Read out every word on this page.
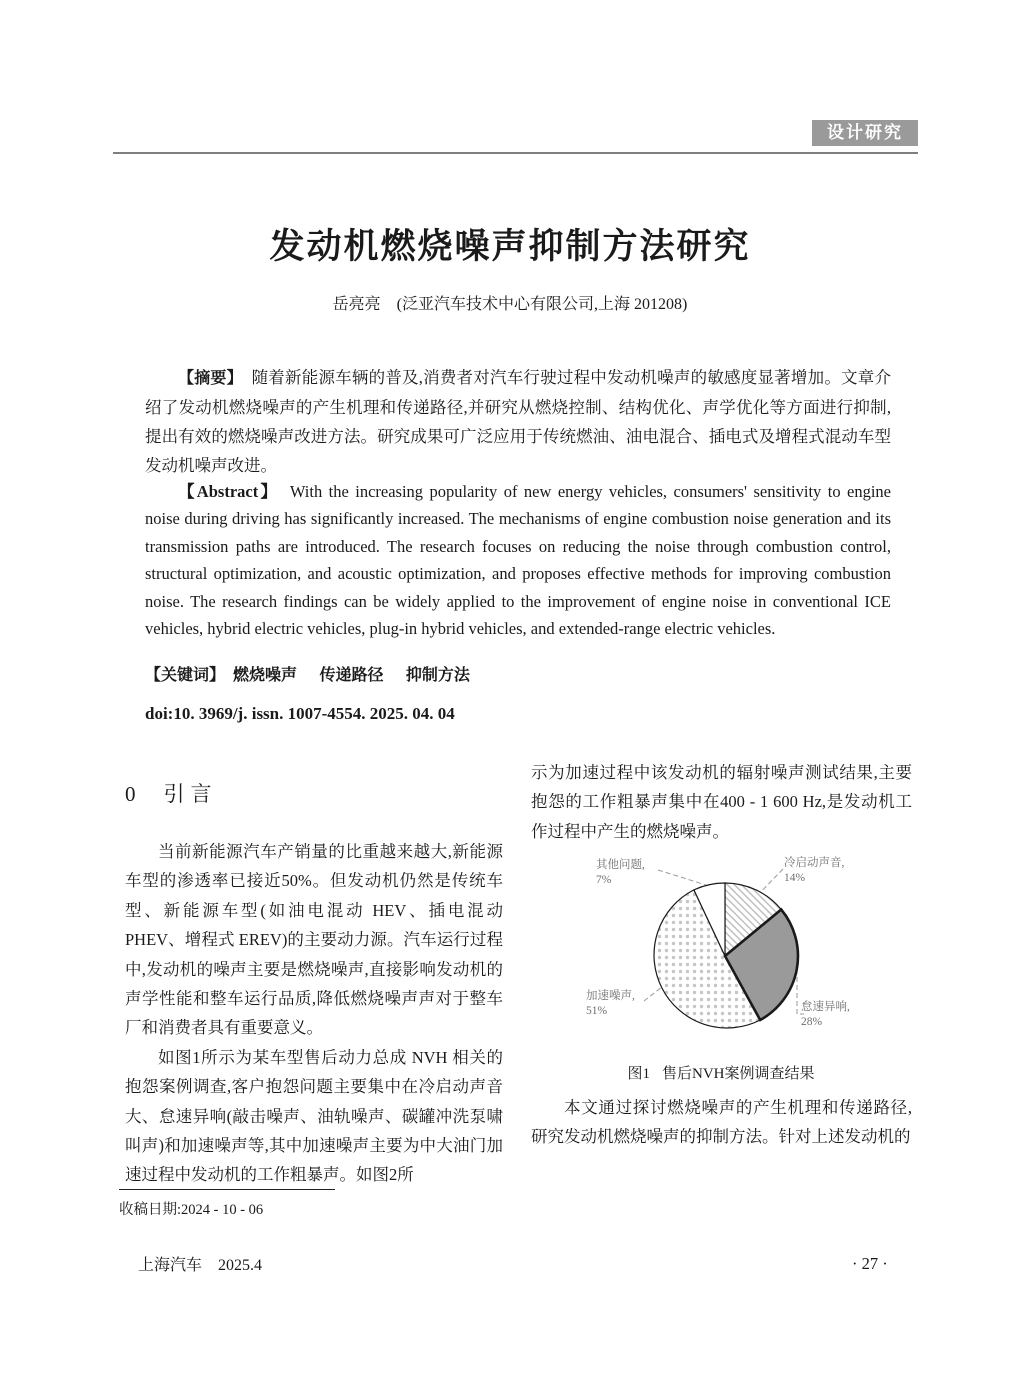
设计研究
发动机燃烧噪声抑制方法研究
岳亮亮　(泛亚汽车技术中心有限公司,上海 201208)

【摘要】　 随着新能源车辆的普及,消费者对汽车行驶过程中发动机噪声的敏感度显著增加。文章介绍了发动机燃烧噪声的产生机理和传递路径,并研究从燃烧控制、结构优化、声学优化等方面进行抑制,提出有效的燃烧噪声改进方法。研究成果可广泛应用于传统燃油、油电混合、插电式及增程式混动车型发动机噪声改进。

【Abstract】　 With the increasing popularity of new energy vehicles, consumers' sensitivity to engine noise during driving has significantly increased. The mechanisms of engine combustion noise generation and its transmission paths are introduced. The research focuses on reducing the noise through combustion control, structural optimization, and acoustic optimization, and proposes effective methods for improving combustion noise. The research findings can be widely applied to the improvement of engine noise in conventional ICE vehicles, hybrid electric vehicles, plug-in hybrid vehicles, and extended-range electric vehicles.

【关键词】　 燃烧噪声 传递路径 抑制方法
doi:10. 3969/j. issn. 1007-4554. 2025. 04. 04
0 引言

当前新能源汽车产销量的比重越来越大,新能源车型的渗透率已接近50%。但发动机仍然是传统车型、新能源车型(如油电混动 HEV、插电混动 PHEV、增程式 EREV)的主要动力源。汽车运行过程中,发动机的噪声主要是燃烧噪声,直接影响发动机的声学性能和整车运行品质,降低燃烧噪声声对于整车厂和消费者具有重要意义。

如图1所示为某车型售后动力总成 NVH 相关的抱怨案例调查,客户抱怨问题主要集中在冷启动声音大、怠速异响(敲击噪声、油轨噪声、碳罐冲洗泵啸叫声)和加速噪声等,其中加速噪声主要为中大油门加速过程中发动机的工作粗暴声。如图2所

示为加速过程中该发动机的辐射噪声测试结果,主要抱怨的工作粗暴声集中在400 - 1 600 Hz,是发动机工作过程中产生的燃烧噪声。

其他问题,
7%
冷启动声音,
14%
加速噪声,
51%	怠速异响,
28%
图1 售后NVH案例调查结果

本文通过探讨燃烧噪声的产生机理和传递路径,研究发动机燃烧噪声的抑制方法。针对上述发动机的

收稿日期:2024 - 10 - 06
上海汽车　2025.4	· 27 ·
